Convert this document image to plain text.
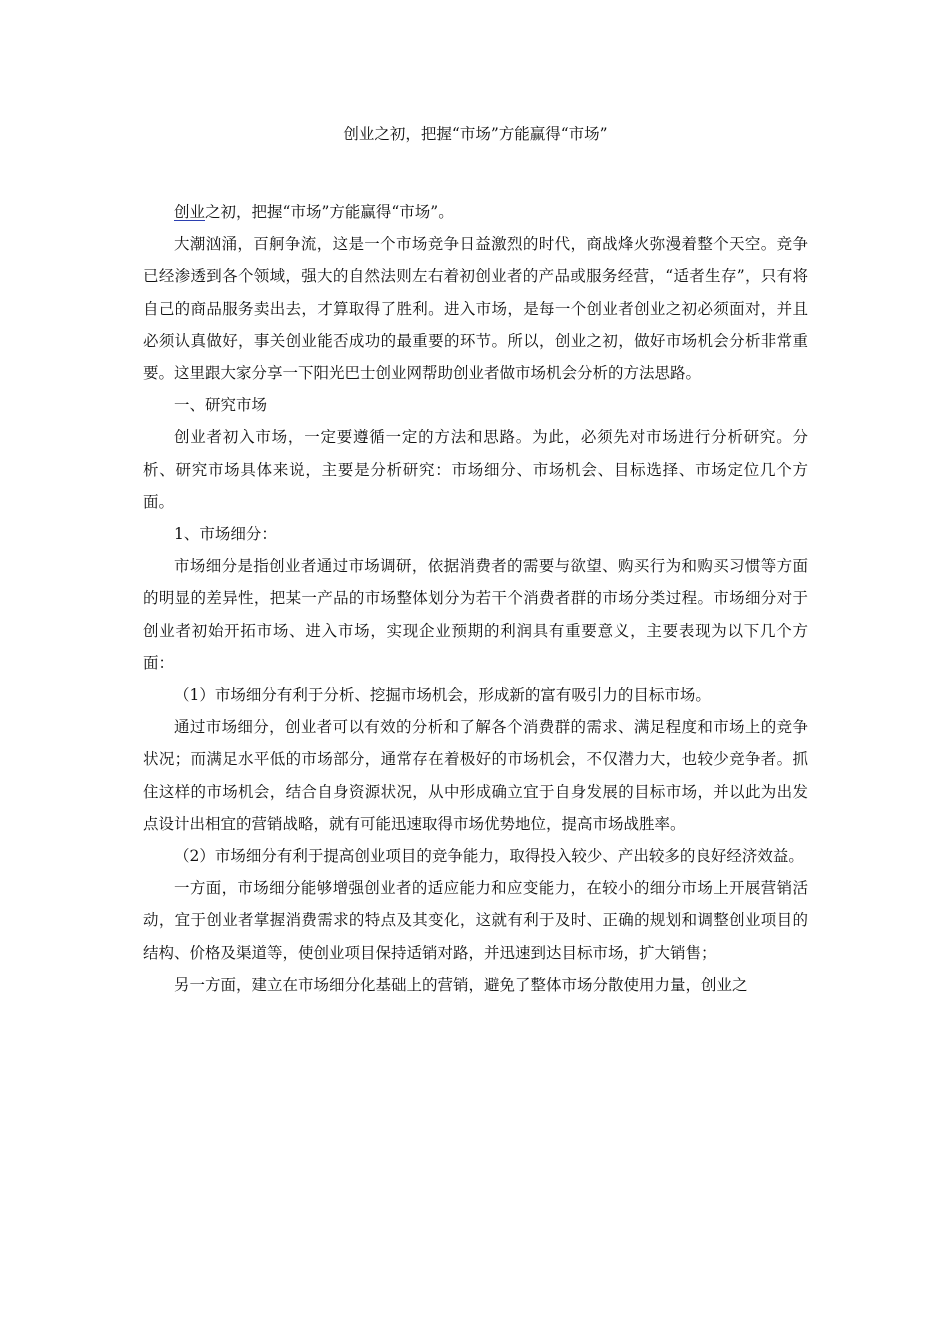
创业之初，把握“市场”方能赢得“市场”

创业之初，把握“市场”方能赢得“市场”。

大潮汹涌，百舸争流，这是一个市场竞争日益激烈的时代，商战烽火弥漫着整个天空。竞争已经渗透到各个领域，强大的自然法则左右着初创业者的产品或服务经营，“适者生存”，只有将自己的商品服务卖出去，才算取得了胜利。进入市场，是每一个创业者创业之初必须面对，并且必须认真做好，事关创业能否成功的最重要的环节。所以，创业之初，做好市场机会分析非常重要。这里跟大家分享一下阳光巴士创业网帮助创业者做市场机会分析的方法思路。

一、研究市场

创业者初入市场，一定要遵循一定的方法和思路。为此，必须先对市场进行分析研究。分析、研究市场具体来说，主要是分析研究：市场细分、市场机会、目标选择、市场定位几个方面。

1、市场细分：

市场细分是指创业者通过市场调研，依据消费者的需要与欲望、购买行为和购买习惯等方面的明显的差异性，把某一产品的市场整体划分为若干个消费者群的市场分类过程。市场细分对于创业者初始开拓市场、进入市场，实现企业预期的利润具有重要意义，主要表现为以下几个方面：

（1）市场细分有利于分析、挖掘市场机会，形成新的富有吸引力的目标市场。

通过市场细分，创业者可以有效的分析和了解各个消费群的需求、满足程度和市场上的竞争状况；而满足水平低的市场部分，通常存在着极好的市场机会，不仅潜力大，也较少竞争者。抓住这样的市场机会，结合自身资源状况，从中形成确立宜于自身发展的目标市场，并以此为出发点设计出相宜的营销战略，就有可能迅速取得市场优势地位，提高市场战胜率。

（2）市场细分有利于提高创业项目的竞争能力，取得投入较少、产出较多的良好经济效益。

一方面，市场细分能够增强创业者的适应能力和应变能力，在较小的细分市场上开展营销活动，宜于创业者掌握消费需求的特点及其变化，这就有利于及时、正确的规划和调整创业项目的结构、价格及渠道等，使创业项目保持适销对路，并迅速到达目标市场，扩大销售；

另一方面，建立在市场细分化基础上的营销，避免了整体市场分散使用力量，创业之
